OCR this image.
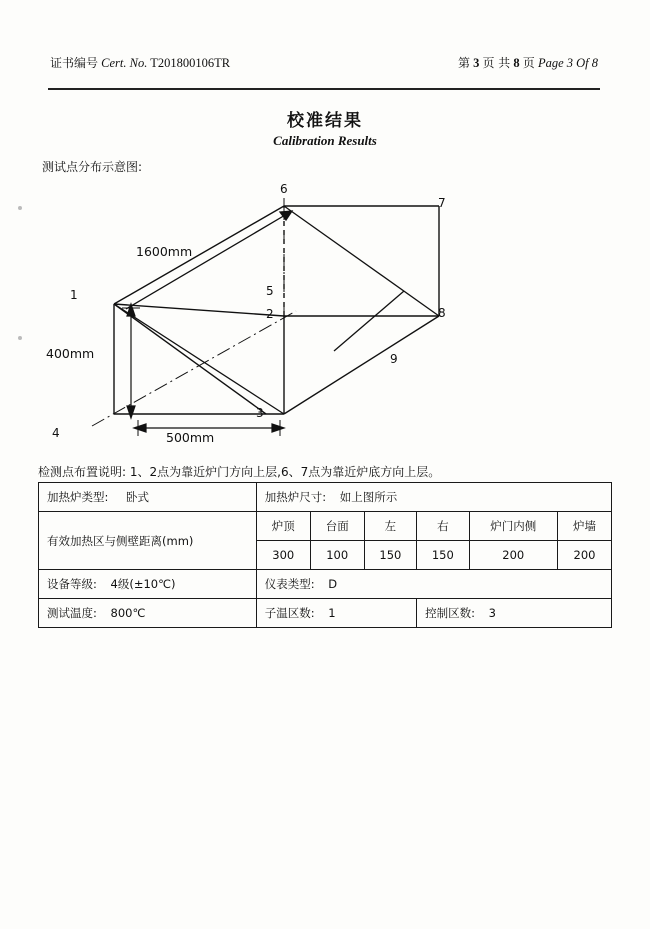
证书编号 Cert. No. T201800106TR	第 3 页 共 8 页 Page 3 Of 8
校准结果
Calibration Results
测试点分布示意图:
1
2
3
4
5
6
7
8
9
1600mm
400mm
500mm
检测点布置说明: 1、2点为靠近炉门方向上层,6、7点为靠近炉底方向上层。
加热炉类型: 卧式	加热炉尺寸: 如上图所示					
有效加热区与侧壁距离(mm)	炉顶	台面	左	右	炉门内侧	炉墙
	300	100	150	150	200	200
设备等级: 4级(±10℃)	仪表类型: D					
测试温度: 800℃	子温区数: 1			控制区数: 3		
